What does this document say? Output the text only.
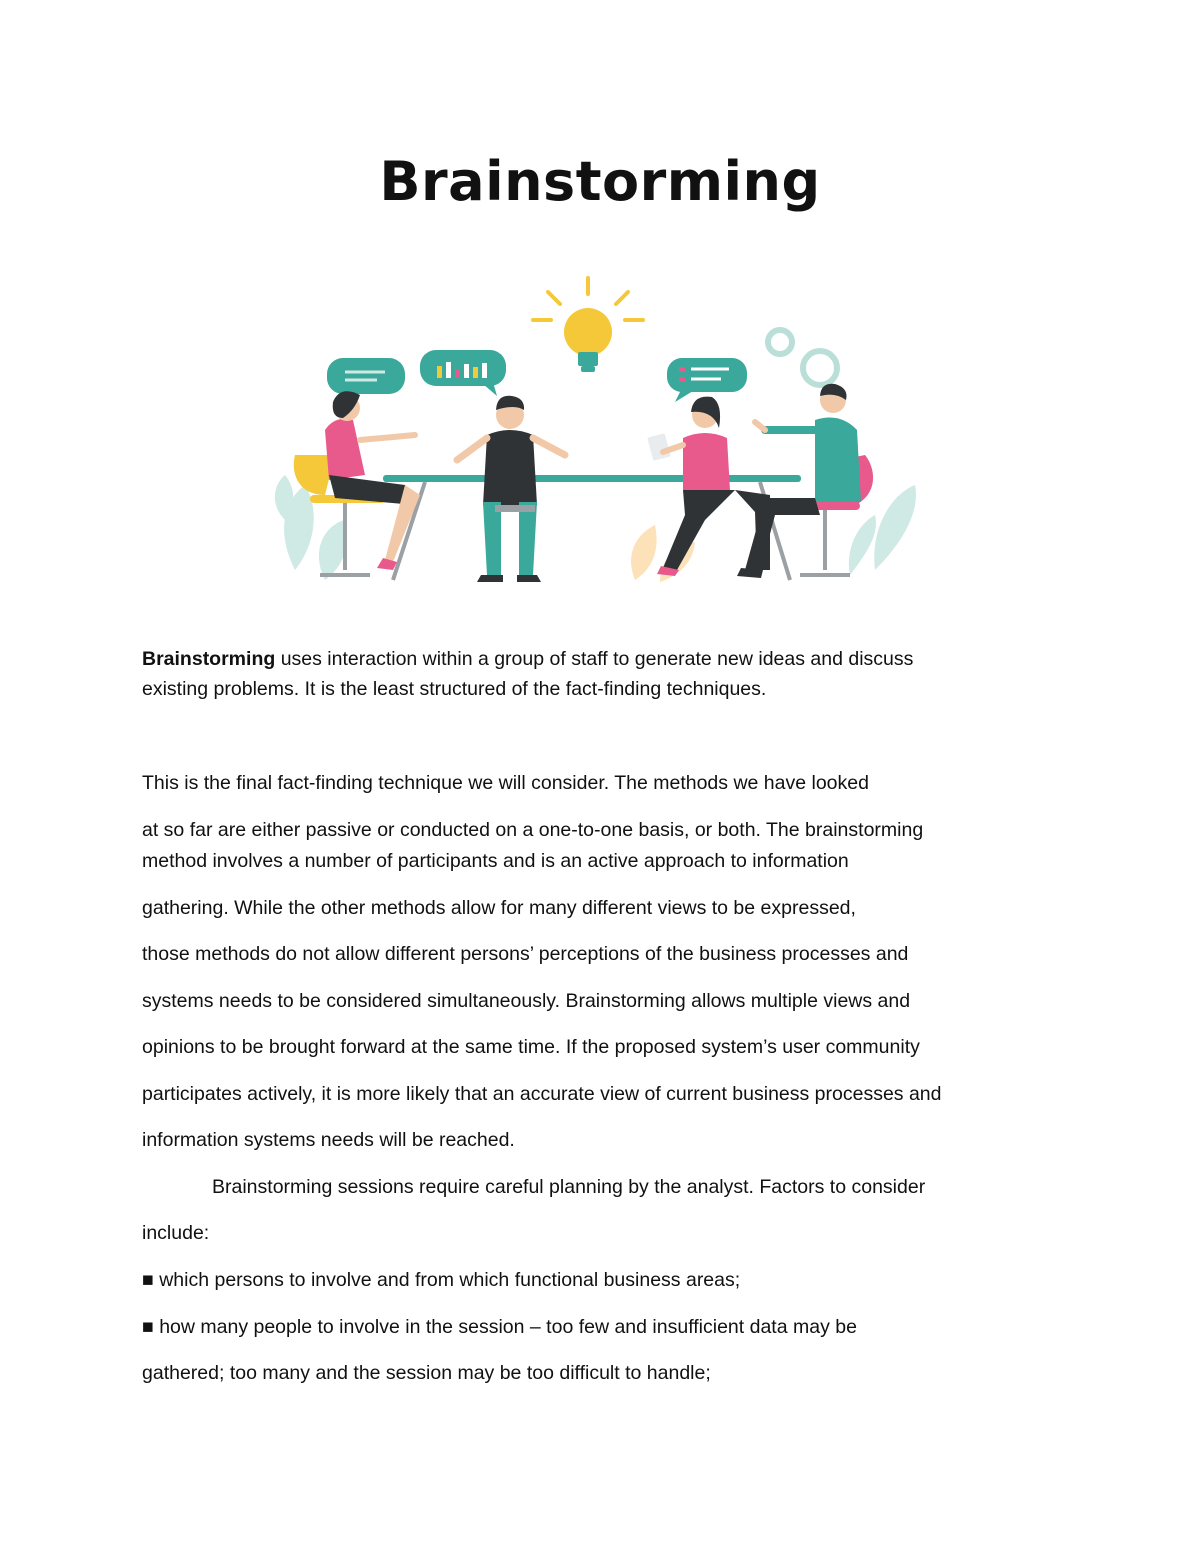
Brainstorming
Brainstorming uses interaction within a group of staff to generate new ideas and discuss
existing problems. It is the least structured of the fact-finding techniques.
This is the final fact-finding technique we will consider. The methods we have looked
at so far are either passive or conducted on a one-to-one basis, or both. The brainstorming
method involves a number of participants and is an active approach to information
gathering. While the other methods allow for many different views to be expressed,
those methods do not allow different persons’ perceptions of the business processes and
systems needs to be considered simultaneously. Brainstorming allows multiple views and
opinions to be brought forward at the same time. If the proposed system’s user community
participates actively, it is more likely that an accurate view of current business processes and
information systems needs will be reached.
Brainstorming sessions require careful planning by the analyst. Factors to consider
include:
■ which persons to involve and from which functional business areas;
■ how many people to involve in the session – too few and insufficient data may be
gathered; too many and the session may be too difficult to handle;
